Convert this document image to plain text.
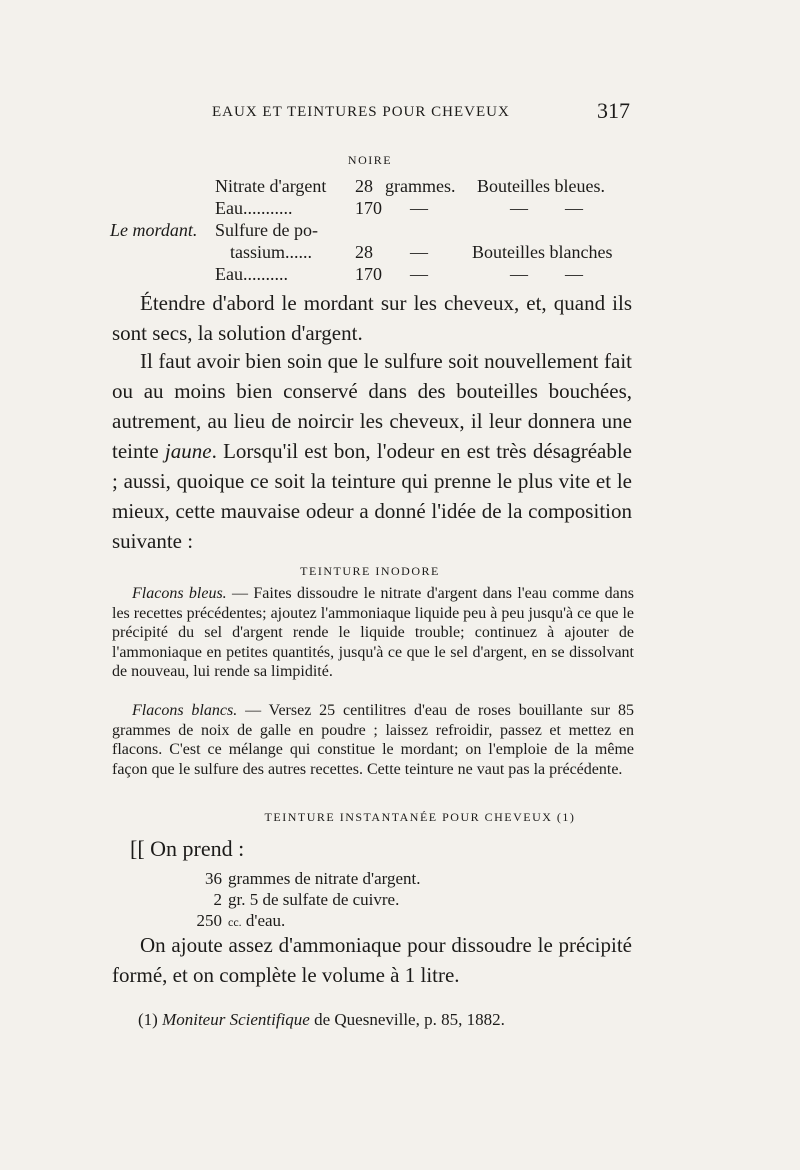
EAUX ET TEINTURES POUR CHEVEUX	317
NOIRE
Nitrate d'argent 28 grammes. Bouteilles bleues.
Eau...........	170 —	— —
Le mordant. Sulfure de po-
tassium...... 28 — Bouteilles blanches
Eau..........	170 —	— —

Étendre d'abord le mordant sur les cheveux, et, quand ils sont secs, la solution d'argent.

Il faut avoir bien soin que le sulfure soit nouvellement fait ou au moins bien conservé dans des bouteilles bouchées, autrement, au lieu de noircir les cheveux, il leur donnera une teinte jaune. Lorsqu'il est bon, l'odeur en est très désagréable ; aussi, quoique ce soit la teinture qui prenne le plus vite et le mieux, cette mauvaise odeur a donné l'idée de la composition suivante :

TEINTURE INODORE

Flacons bleus. — Faites dissoudre le nitrate d'argent dans l'eau comme dans les recettes précédentes; ajoutez l'ammoniaque liquide peu à peu jusqu'à ce que le précipité du sel d'argent rende le liquide trouble; continuez à ajouter de l'ammoniaque en petites quantités, jusqu'à ce que le sel d'argent, en se dissolvant de nouveau, lui rende sa limpidité.

Flacons blancs. — Versez 25 centilitres d'eau de roses bouillante sur 85 grammes de noix de galle en poudre ; laissez refroidir, passez et mettez en flacons. C'est ce mélange qui constitue le mordant; on l'emploie de la même façon que le sulfure des autres recettes. Cette teinture ne vaut pas la précédente.

TEINTURE INSTANTANÉE POUR CHEVEUX (1)
[[ On prend :
36 grammes de nitrate d'argent.
2 gr. 5 de sulfate de cuivre.
250 cc. d'eau.

On ajoute assez d'ammoniaque pour dissoudre le précipité formé, et on complète le volume à 1 litre.

(1) Moniteur Scientifique de Quesneville, p. 85, 1882.
